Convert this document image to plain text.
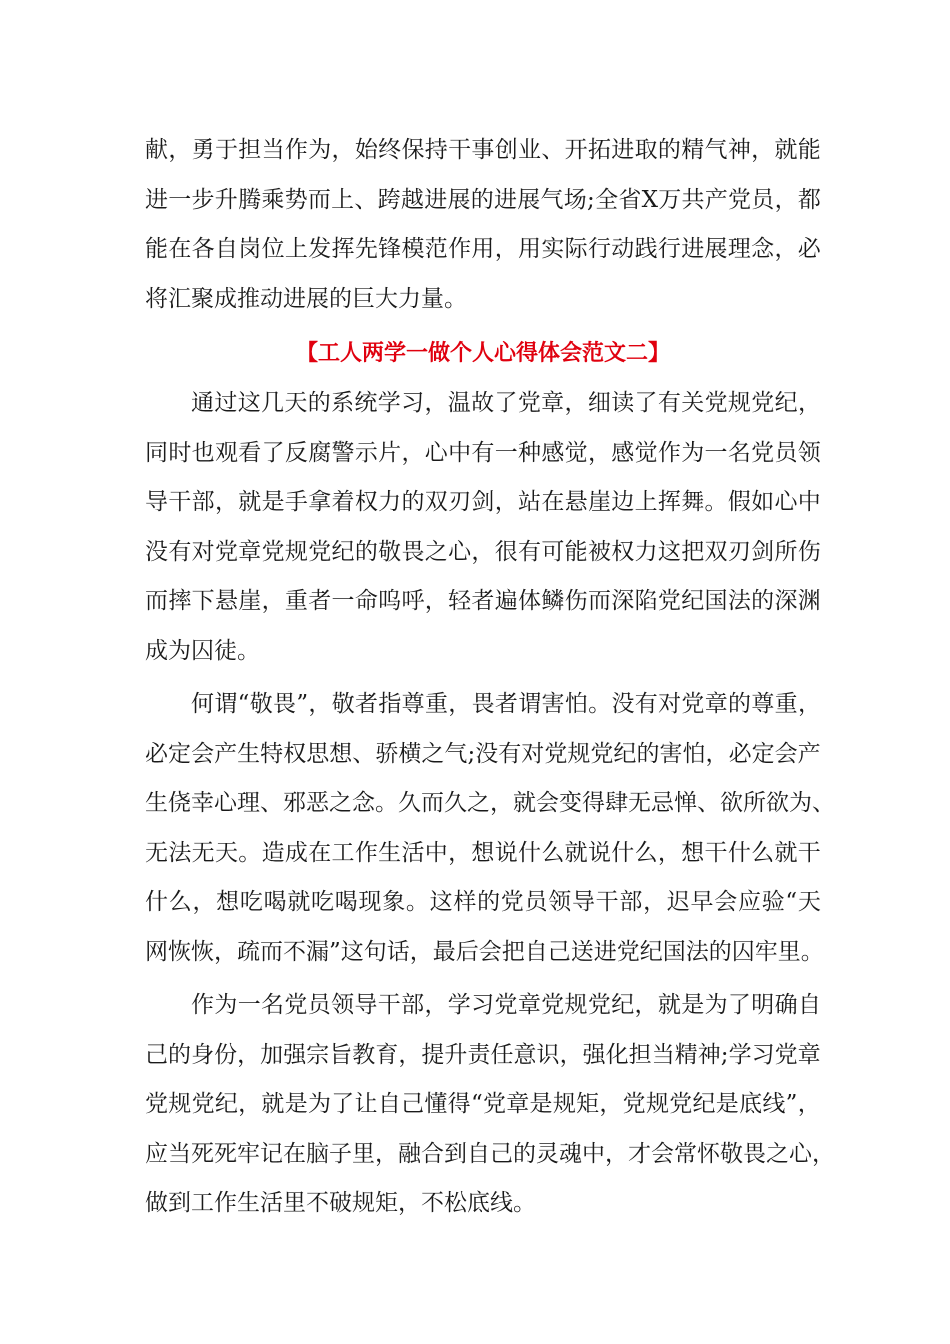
献 ， 勇 于 担 当 作 为 ， 始 终 保 持 干 事 创 业 、 开 拓 进 取 的 精 气 神 ， 就 能
进 一 步 升 腾 乘 势 而 上 、 跨 越 进 展 的 进 展 气 场 ; 全 省 X 万 共 产 党 员 ， 都
能 在 各 自 岗 位 上 发 挥 先 锋 模 范 作 用 ， 用 实 际 行 动 践 行 进 展 理 念 ， 必
将汇聚成推动进展的巨大力量。
【工人两学一做个人心得体会范文二】
通 过 这 几 天 的 系 统 学 习 ， 温 故 了 党 章 ， 细 读 了 有 关 党 规 党 纪 ，
同 时 也 观 看 了 反 腐 警 示 片 ， 心 中 有 一 种 感 觉 ， 感 觉 作 为 一 名 党 员 领
导 干 部 ， 就 是 手 拿 着 权 力 的 双 刃 剑 ， 站 在 悬 崖 边 上 挥 舞 。 假 如 心 中
没 有 对 党 章 党 规 党 纪 的 敬 畏 之 心 ， 很 有 可 能 被 权 力 这 把 双 刃 剑 所 伤
而 摔 下 悬 崖 ， 重 者 一 命 呜 呼 ， 轻 者 遍 体 鳞 伤 而 深 陷 党 纪 国 法 的 深 渊
成为囚徒。
何 谓 “ 敬 畏 ” ， 敬 者 指 尊 重 ， 畏 者 谓 害 怕 。 没 有 对 党 章 的 尊 重 ，
必 定 会 产 生 特 权 思 想 、 骄 横 之 气 ; 没 有 对 党 规 党 纪 的 害 怕 ， 必 定 会 产
生 侥 幸 心 理 、 邪 恶 之 念 。 久 而 久 之 ， 就 会 变 得 肆 无 忌 惮 、 欲 所 欲 为 、
无 法 无 天 。 造 成 在 工 作 生 活 中 ， 想 说 什 么 就 说 什 么 ， 想 干 什 么 就 干
什 么 ， 想 吃 喝 就 吃 喝 现 象 。 这 样 的 党 员 领 导 干 部 ， 迟 早 会 应 验 “ 天
网 恢 恢 ， 疏 而 不 漏 ” 这 句 话 ， 最 后 会 把 自 己 送 进 党 纪 国 法 的 囚 牢 里 。
作 为 一 名 党 员 领 导 干 部 ， 学 习 党 章 党 规 党 纪 ， 就 是 为 了 明 确 自
己 的 身 份 ， 加 强 宗 旨 教 育 ， 提 升 责 任 意 识 ， 强 化 担 当 精 神 ; 学 习 党 章
党 规 党 纪 ， 就 是 为 了 让 自 己 懂 得 “ 党 章 是 规 矩 ， 党 规 党 纪 是 底 线 ” ，
应 当 死 死 牢 记 在 脑 子 里 ， 融 合 到 自 己 的 灵 魂 中 ， 才 会 常 怀 敬 畏 之 心 ，
做到工作生活里不破规矩，不松底线。
